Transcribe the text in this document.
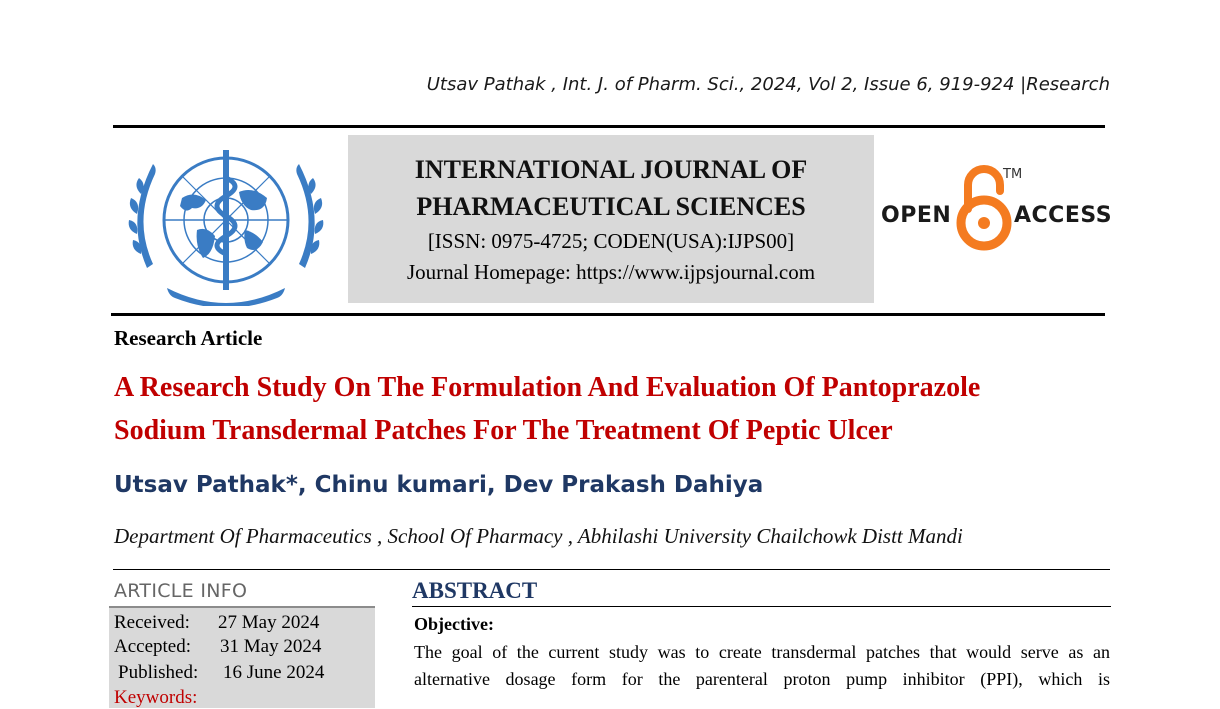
Utsav Pathak , Int. J. of Pharm. Sci., 2024, Vol 2, Issue 6, 919-924 |Research
INTERNATIONAL JOURNAL OF
PHARMACEUTICAL SCIENCES
[ISSN: 0975-4725; CODEN(USA):IJPS00]
Journal Homepage: https://www.ijpsjournal.com
OPEN
TM
ACCESS
Research Article
A Research Study On The Formulation And Evaluation Of Pantoprazole
Sodium Transdermal Patches For The Treatment Of Peptic Ulcer
Utsav Pathak*, Chinu kumari, Dev Prakash Dahiya
Department Of Pharmaceutics , School Of Pharmacy , Abhilashi University Chailchowk Distt Mandi
ARTICLE INFO
Received: 27 May 2024
Accepted: 31 May 2024
Published: 16 June 2024
Keywords:
ABSTRACT
Objective:
The goal of the current study was to create transdermal patches that would serve as an
alternative dosage form for the parenteral proton pump inhibitor (PPI), which is
